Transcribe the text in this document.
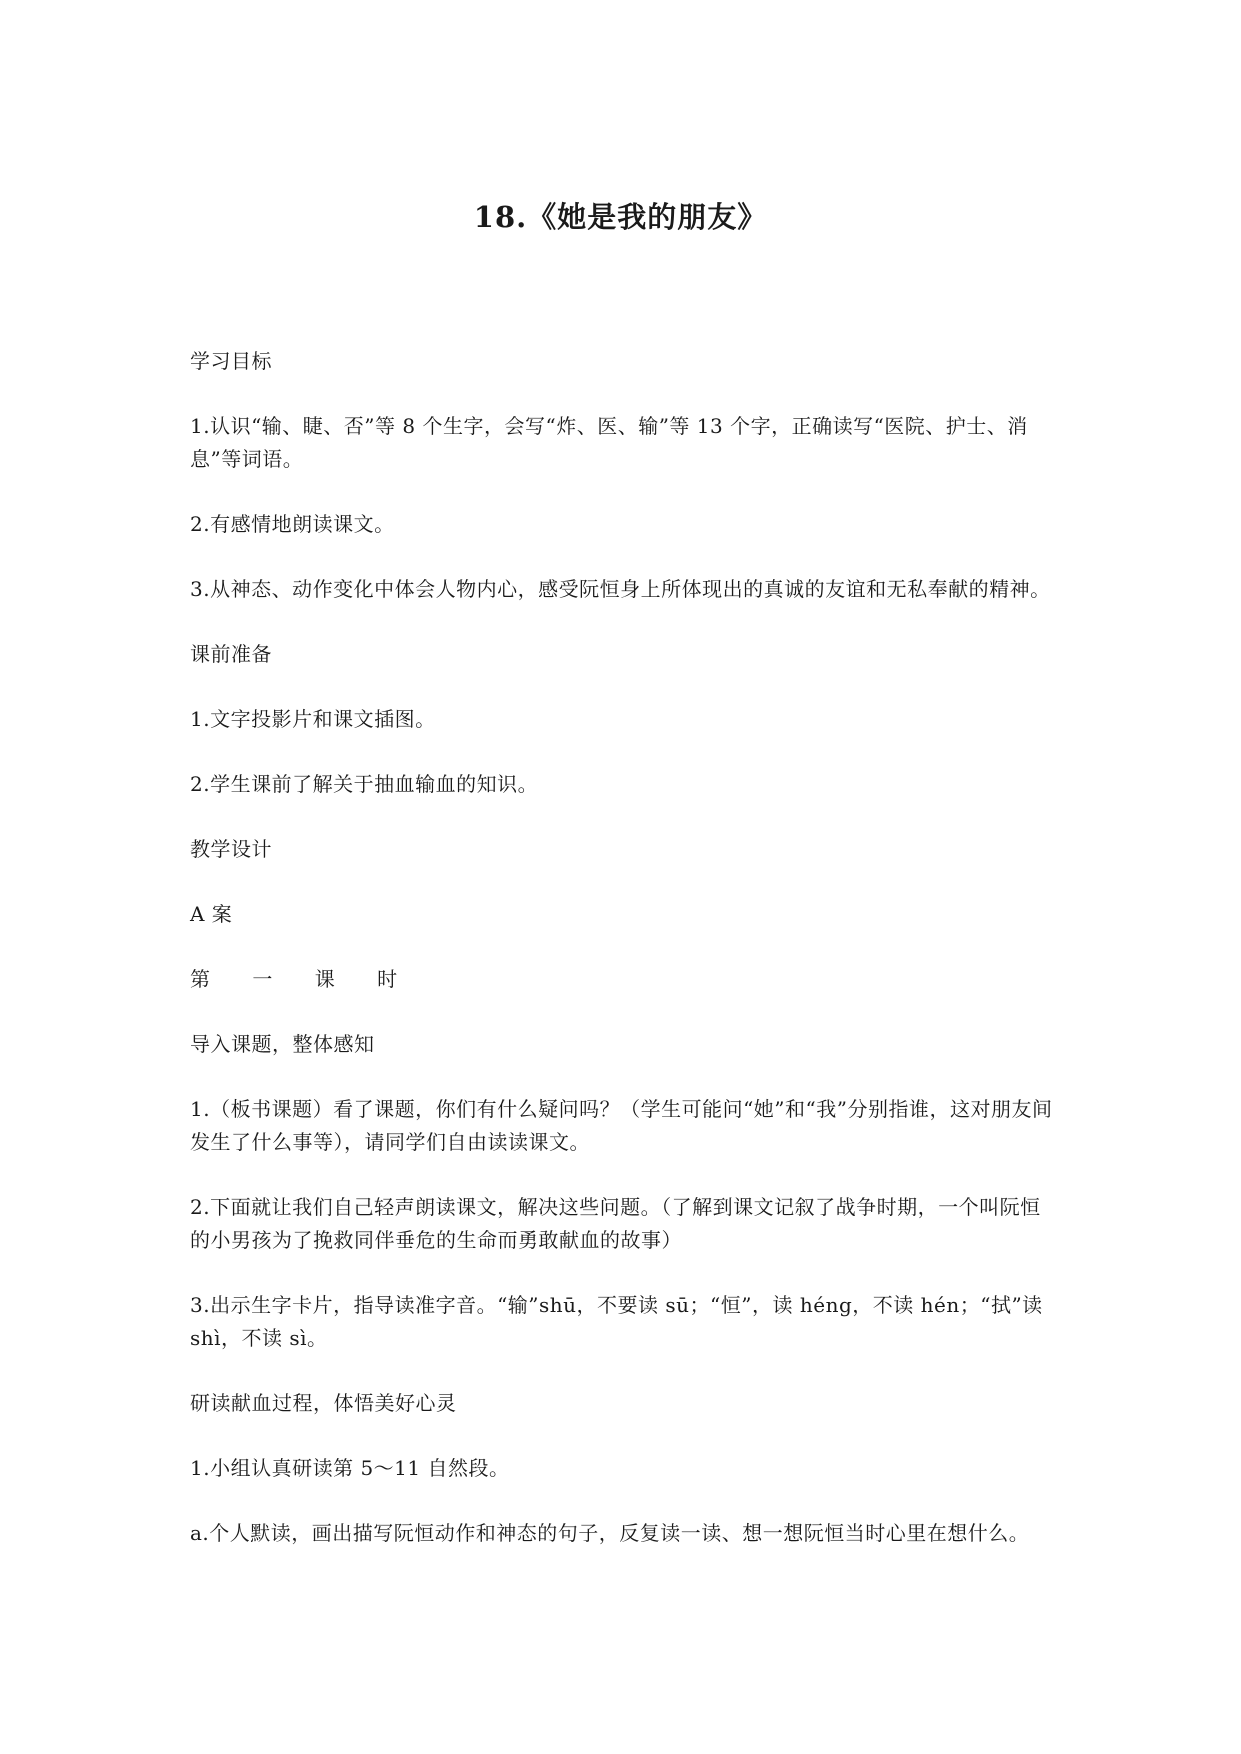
18.《她是我的朋友》

学习目标

1.认识“输、睫、否”等 8 个生字，会写“炸、医、输”等 13 个字，正确读写“医院、护士、消息”等词语。

2.有感情地朗读课文。

3.从神态、动作变化中体会人物内心，感受阮恒身上所体现出的真诚的友谊和无私奉献的精神。

课前准备

1.文字投影片和课文插图。

2.学生课前了解关于抽血输血的知识。

教学设计

A 案

第 一 课 时

导入课题，整体感知

1.（板书课题）看了课题，你们有什么疑问吗？（学生可能问“她”和“我”分别指谁，这对朋友间发生了什么事等），请同学们自由读读课文。

2.下面就让我们自己轻声朗读课文，解决这些问题。（了解到课文记叙了战争时期，一个叫阮恒的小男孩为了挽救同伴垂危的生命而勇敢献血的故事）

3.出示生字卡片，指导读准字音。“输”shū，不要读 sū；“恒”，读 héng，不读 hén；“拭”读 shì，不读 sì。

研读献血过程，体悟美好心灵

1.小组认真研读第 5～11 自然段。

a.个人默读，画出描写阮恒动作和神态的句子，反复读一读、想一想阮恒当时心里在想什么。
